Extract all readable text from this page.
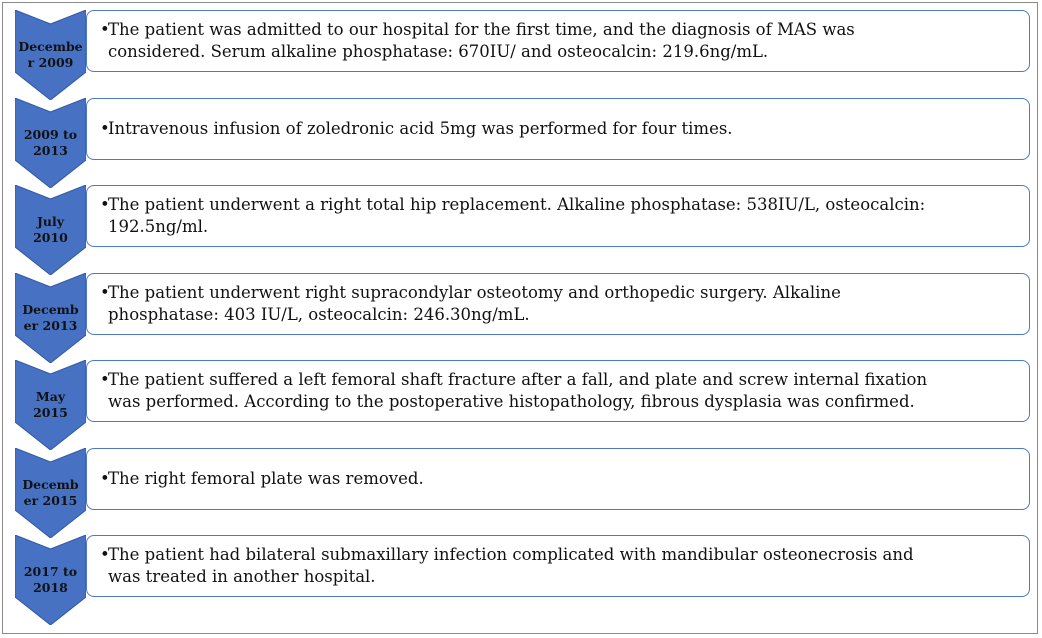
Decembe
r 2009
•
The patient was admitted to our hospital for the first time, and the diagnosis of MAS was
considered. Serum alkaline phosphatase: 670IU/ and osteocalcin: 219.6ng/mL.
2009 to
2013
•
Intravenous infusion of zoledronic acid 5mg was performed for four times.
July
2010
•
The patient underwent a right total hip replacement. Alkaline phosphatase: 538IU/L, osteocalcin:
192.5ng/ml.
Decemb
er 2013
•
The patient underwent right supracondylar osteotomy and orthopedic surgery. Alkaline
phosphatase: 403 IU/L, osteocalcin: 246.30ng/mL.
May
2015
•
The patient suffered a left femoral shaft fracture after a fall, and plate and screw internal fixation
was performed. According to the postoperative histopathology, fibrous dysplasia was confirmed.
Decemb
er 2015
•
The right femoral plate was removed.
2017 to
2018
•
The patient had bilateral submaxillary infection complicated with mandibular osteonecrosis and
was treated in another hospital.
